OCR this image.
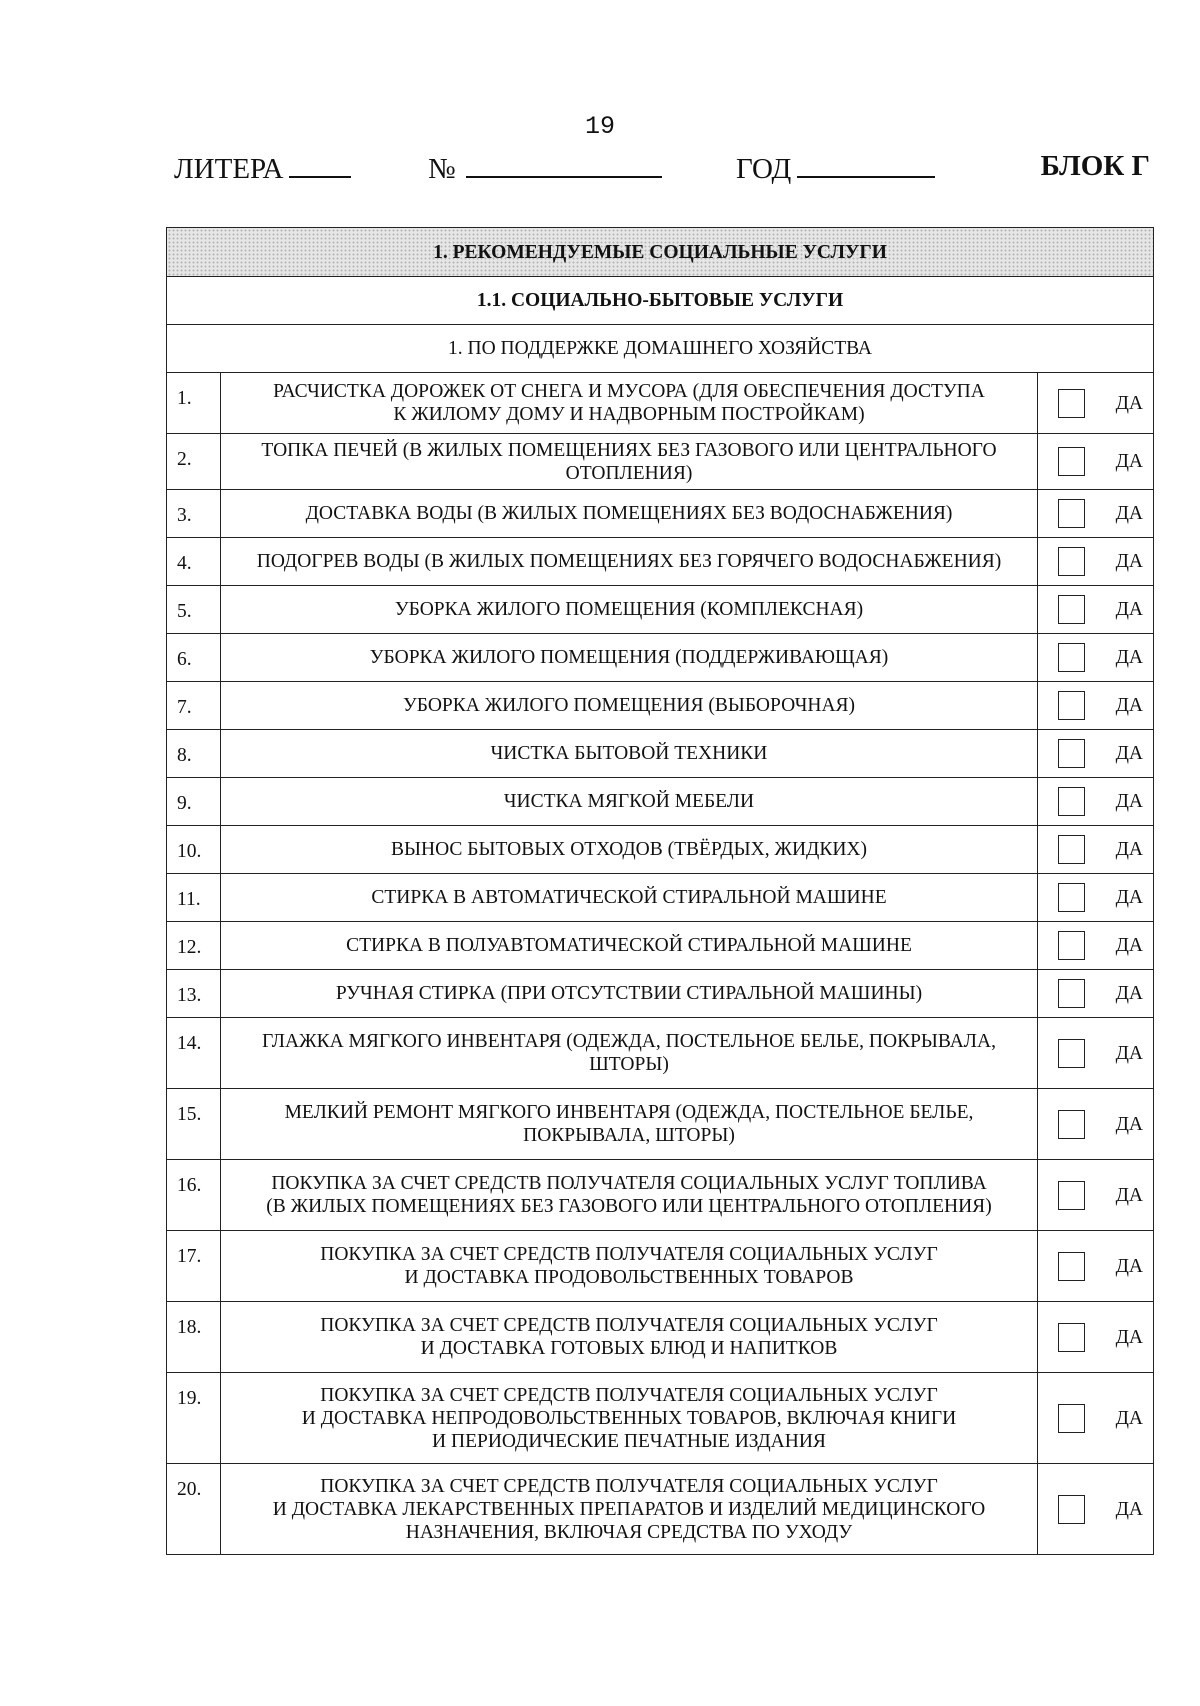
19
ЛИТЕРА	№	ГОД	БЛОК Г
1. РЕКОМЕНДУЕМЫЕ СОЦИАЛЬНЫЕ УСЛУГИ		
1.1. СОЦИАЛЬНО-БЫТОВЫЕ УСЛУГИ		
1. ПО ПОДДЕРЖКЕ ДОМАШНЕГО ХОЗЯЙСТВА		
1.	РАСЧИСТКА ДОРОЖЕК ОТ СНЕГА И МУСОРА (ДЛЯ ОБЕСПЕЧЕНИЯ ДОСТУПА
К ЖИЛОМУ ДОМУ И НАДВОРНЫМ ПОСТРОЙКАМ)	ДА

2.	ТОПКА ПЕЧЕЙ (В ЖИЛЫХ ПОМЕЩЕНИЯХ БЕЗ ГАЗОВОГО ИЛИ ЦЕНТРАЛЬНОГО
ОТОПЛЕНИЯ)	ДА

3.	ДОСТАВКА ВОДЫ (В ЖИЛЫХ ПОМЕЩЕНИЯХ БЕЗ ВОДОСНАБЖЕНИЯ)	ДА

4.	ПОДОГРЕВ ВОДЫ (В ЖИЛЫХ ПОМЕЩЕНИЯХ БЕЗ ГОРЯЧЕГО ВОДОСНАБЖЕНИЯ)	ДА

5.	УБОРКА ЖИЛОГО ПОМЕЩЕНИЯ (КОМПЛЕКСНАЯ)	ДА

6.	УБОРКА ЖИЛОГО ПОМЕЩЕНИЯ (ПОДДЕРЖИВАЮЩАЯ)	ДА

7.	УБОРКА ЖИЛОГО ПОМЕЩЕНИЯ (ВЫБОРОЧНАЯ)	ДА

8.	ЧИСТКА БЫТОВОЙ ТЕХНИКИ	ДА

9.	ЧИСТКА МЯГКОЙ МЕБЕЛИ	ДА

10.	ВЫНОС БЫТОВЫХ ОТХОДОВ (ТВЁРДЫХ, ЖИДКИХ)	ДА

11.	СТИРКА В АВТОМАТИЧЕСКОЙ СТИРАЛЬНОЙ МАШИНЕ	ДА

12.	СТИРКА В ПОЛУАВТОМАТИЧЕСКОЙ СТИРАЛЬНОЙ МАШИНЕ	ДА

13.	РУЧНАЯ СТИРКА (ПРИ ОТСУТСТВИИ СТИРАЛЬНОЙ МАШИНЫ)	ДА

14.	ГЛАЖКА МЯГКОГО ИНВЕНТАРЯ (ОДЕЖДА, ПОСТЕЛЬНОЕ БЕЛЬЕ, ПОКРЫВАЛА,
ШТОРЫ)	ДА

15.	МЕЛКИЙ РЕМОНТ МЯГКОГО ИНВЕНТАРЯ (ОДЕЖДА, ПОСТЕЛЬНОЕ БЕЛЬЕ,
ПОКРЫВАЛА, ШТОРЫ)	ДА

16.	ПОКУПКА ЗА СЧЕТ СРЕДСТВ ПОЛУЧАТЕЛЯ СОЦИАЛЬНЫХ УСЛУГ ТОПЛИВА
(В ЖИЛЫХ ПОМЕЩЕНИЯХ БЕЗ ГАЗОВОГО ИЛИ ЦЕНТРАЛЬНОГО ОТОПЛЕНИЯ)	ДА

17.	ПОКУПКА ЗА СЧЕТ СРЕДСТВ ПОЛУЧАТЕЛЯ СОЦИАЛЬНЫХ УСЛУГ
И ДОСТАВКА ПРОДОВОЛЬСТВЕННЫХ ТОВАРОВ	ДА

18.	ПОКУПКА ЗА СЧЕТ СРЕДСТВ ПОЛУЧАТЕЛЯ СОЦИАЛЬНЫХ УСЛУГ
И ДОСТАВКА ГОТОВЫХ БЛЮД И НАПИТКОВ	ДА

19.	ПОКУПКА ЗА СЧЕТ СРЕДСТВ ПОЛУЧАТЕЛЯ СОЦИАЛЬНЫХ УСЛУГ
И ДОСТАВКА НЕПРОДОВОЛЬСТВЕННЫХ ТОВАРОВ, ВКЛЮЧАЯ КНИГИ
И ПЕРИОДИЧЕСКИЕ ПЕЧАТНЫЕ ИЗДАНИЯ	ДА

20.	ПОКУПКА ЗА СЧЕТ СРЕДСТВ ПОЛУЧАТЕЛЯ СОЦИАЛЬНЫХ УСЛУГ
И ДОСТАВКА ЛЕКАРСТВЕННЫХ ПРЕПАРАТОВ И ИЗДЕЛИЙ МЕДИЦИНСКОГО
НАЗНАЧЕНИЯ, ВКЛЮЧАЯ СРЕДСТВА ПО УХОДУ	ДА
